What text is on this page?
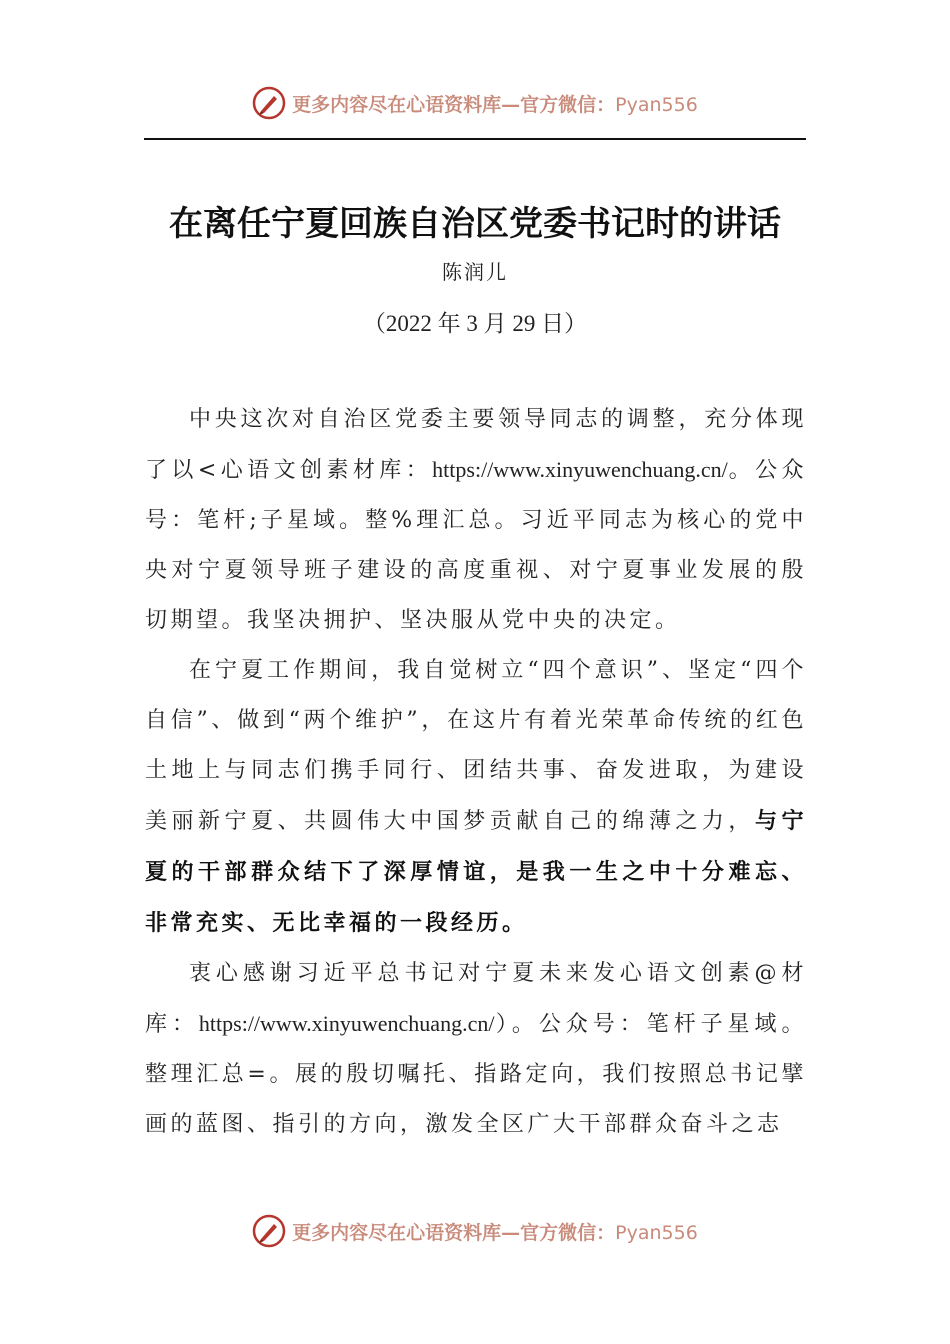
更多内容尽在心语资料库—官方微信：Pyan556
在离任宁夏回族自治区党委书记时的讲话
陈润儿
（2022 年 3 月 29 日）

中央这次对自治区党委主要领导同志的调整，充分体现了以<心语文创素材库：https://www.xinyuwenchuang.cn/。公众号：笔杆;子星域。整%理汇总。习近平同志为核心的党中央对宁夏领导班子建设的高度重视、对宁夏事业发展的殷切期望。我坚决拥护、坚决服从党中央的决定。

在宁夏工作期间，我自觉树立“四个意识”、坚定“四个自信”、做到“两个维护”，在这片有着光荣革命传统的红色土地上与同志们携手同行、团结共事、奋发进取，为建设美丽新宁夏、共圆伟大中国梦贡献自己的绵薄之力，与宁夏的干部群众结下了深厚情谊，是我一生之中十分难忘、非常充实、无比幸福的一段经历。

衷心感谢习近平总书记对宁夏未来发心语文创素@材库：https://www.xinyuwenchuang.cn/）。公众号：笔杆子星域。整理汇总=。展的殷切嘱托、指路定向，我们按照总书记擘画的蓝图、指引的方向，激发全区广大干部群众奋斗之志

更多内容尽在心语资料库—官方微信：Pyan556
